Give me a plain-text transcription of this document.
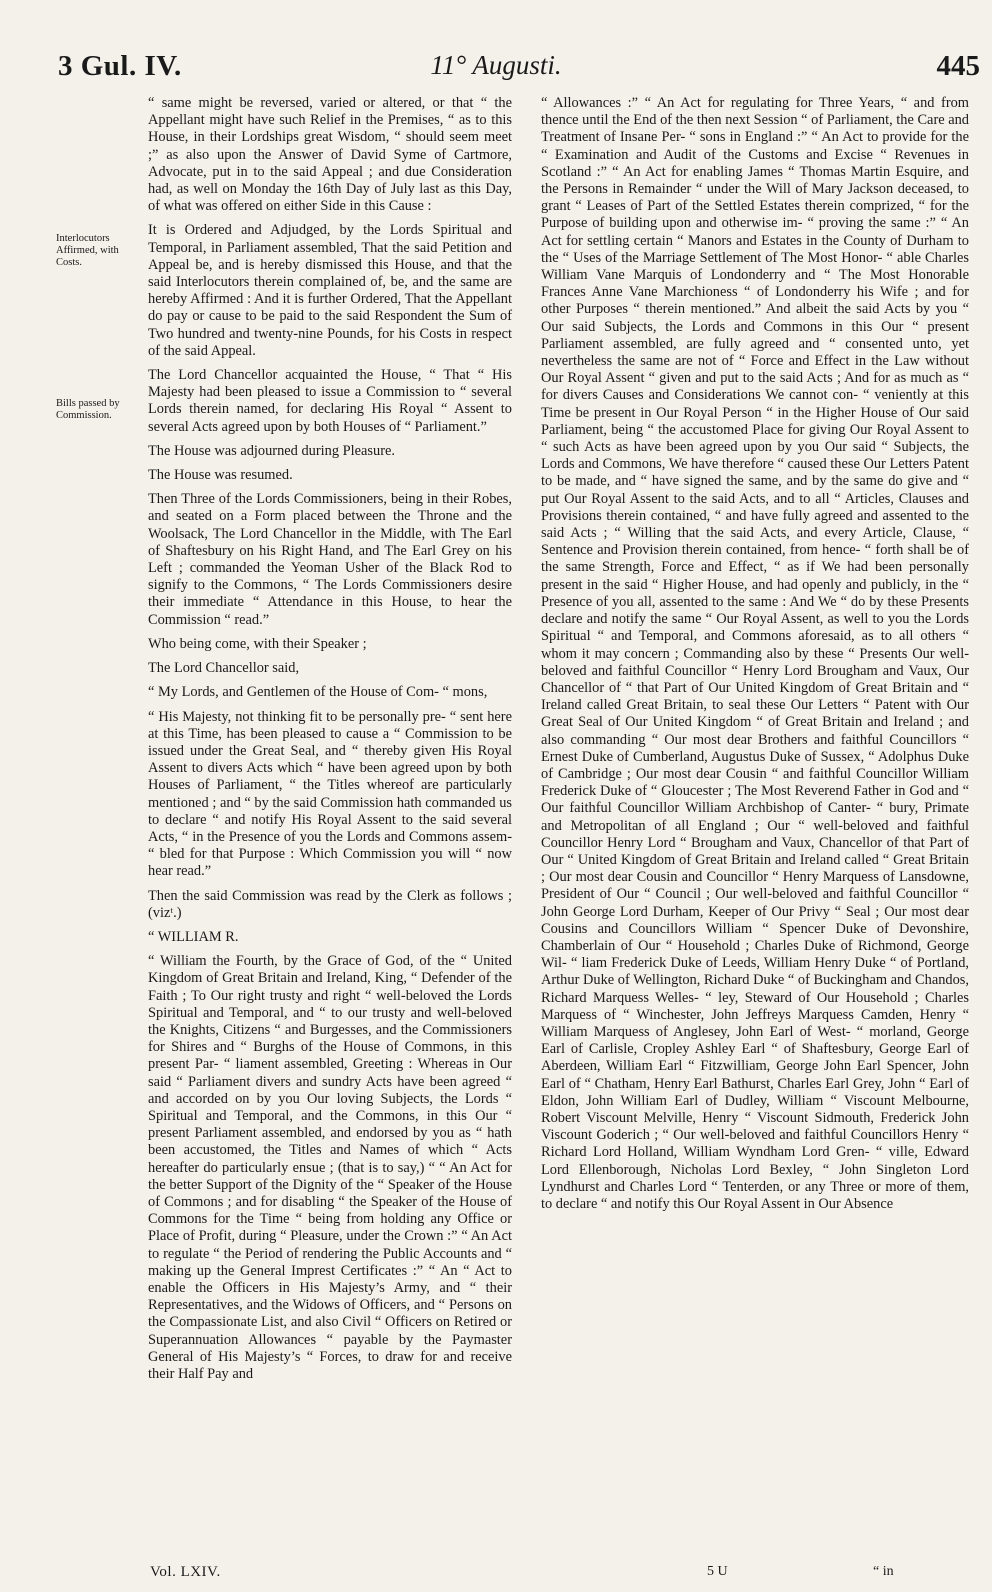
11° Augusti.
3 Gul. IV.	445
Interlocutors Affirmed, with Costs.
Bills passed by Commission.

“ same might be reversed, varied or altered, or that “ the Appellant might have such Relief in the Premises, “ as to this House, in their Lordships great Wisdom, “ should seem meet ;” as also upon the Answer of David Syme of Cartmore, Advocate, put in to the said Appeal ; and due Consideration had, as well on Monday the 16th Day of July last as this Day, of what was offered on either Side in this Cause :

It is Ordered and Adjudged, by the Lords Spiritual and Temporal, in Parliament assembled, That the said Petition and Appeal be, and is hereby dismissed this House, and that the said Interlocutors therein complained of, be, and the same are hereby Affirmed : And it is further Ordered, That the Appellant do pay or cause to be paid to the said Respondent the Sum of Two hundred and twenty-nine Pounds, for his Costs in respect of the said Appeal.

The Lord Chancellor acquainted the House, “ That “ His Majesty had been pleased to issue a Commission to “ several Lords therein named, for declaring His Royal “ Assent to several Acts agreed upon by both Houses of “ Parliament.”

The House was adjourned during Pleasure.

The House was resumed.

Then Three of the Lords Commissioners, being in their Robes, and seated on a Form placed between the Throne and the Woolsack, The Lord Chancellor in the Middle, with The Earl of Shaftesbury on his Right Hand, and The Earl Grey on his Left ; commanded the Yeoman Usher of the Black Rod to signify to the Commons, “ The Lords Commissioners desire their immediate “ Attendance in this House, to hear the Commission “ read.”

Who being come, with their Speaker ;

The Lord Chancellor said,

“ My Lords, and Gentlemen of the House of Com- “ mons,

“ His Majesty, not thinking fit to be personally pre- “ sent here at this Time, has been pleased to cause a “ Commission to be issued under the Great Seal, and “ thereby given His Royal Assent to divers Acts which “ have been agreed upon by both Houses of Parliament, “ the Titles whereof are particularly mentioned ; and “ by the said Commission hath commanded us to declare “ and notify His Royal Assent to the said several Acts, “ in the Presence of you the Lords and Commons assem- “ bled for that Purpose : Which Commission you will “ now hear read.”

Then the said Commission was read by the Clerk as follows ; (vizᵗ.)

“ WILLIAM R.

“ William the Fourth, by the Grace of God, of the “ United Kingdom of Great Britain and Ireland, King, “ Defender of the Faith ; To Our right trusty and right “ well-beloved the Lords Spiritual and Temporal, and “ to our trusty and well-beloved the Knights, Citizens “ and Burgesses, and the Commissioners for Shires and “ Burghs of the House of Commons, in this present Par- “ liament assembled, Greeting : Whereas in Our said “ Parliament divers and sundry Acts have been agreed “ and accorded on by you Our loving Subjects, the Lords “ Spiritual and Temporal, and the Commons, in this Our “ present Parliament assembled, and endorsed by you as “ hath been accustomed, the Titles and Names of which “ Acts hereafter do particularly ensue ; (that is to say,) “ “ An Act for the better Support of the Dignity of the “ Speaker of the House of Commons ; and for disabling “ the Speaker of the House of Commons for the Time “ being from holding any Office or Place of Profit, during “ Pleasure, under the Crown :” “ An Act to regulate “ the Period of rendering the Public Accounts and “ making up the General Imprest Certificates :” “ An “ Act to enable the Officers in His Majesty’s Army, and “ their Representatives, and the Widows of Officers, and “ Persons on the Compassionate List, and also Civil “ Officers on Retired or Superannuation Allowances “ payable by the Paymaster General of His Majesty’s “ Forces, to draw for and receive their Half Pay and

“ Allowances :” “ An Act for regulating for Three Years, “ and from thence until the End of the then next Session “ of Parliament, the Care and Treatment of Insane Per- “ sons in England :” “ An Act to provide for the “ Examination and Audit of the Customs and Excise “ Revenues in Scotland :” “ An Act for enabling James “ Thomas Martin Esquire, and the Persons in Remainder “ under the Will of Mary Jackson deceased, to grant “ Leases of Part of the Settled Estates therein comprized, “ for the Purpose of building upon and otherwise im- “ proving the same :” “ An Act for settling certain “ Manors and Estates in the County of Durham to the “ Uses of the Marriage Settlement of The Most Honor- “ able Charles William Vane Marquis of Londonderry and “ The Most Honorable Frances Anne Vane Marchioness “ of Londonderry his Wife ; and for other Purposes “ therein mentioned.” And albeit the said Acts by you “ Our said Subjects, the Lords and Commons in this Our “ present Parliament assembled, are fully agreed and “ consented unto, yet nevertheless the same are not of “ Force and Effect in the Law without Our Royal Assent “ given and put to the said Acts ; And for as much as “ for divers Causes and Considerations We cannot con- “ veniently at this Time be present in Our Royal Person “ in the Higher House of Our said Parliament, being “ the accustomed Place for giving Our Royal Assent to “ such Acts as have been agreed upon by you Our said “ Subjects, the Lords and Commons, We have therefore “ caused these Our Letters Patent to be made, and “ have signed the same, and by the same do give and “ put Our Royal Assent to the said Acts, and to all “ Articles, Clauses and Provisions therein contained, “ and have fully agreed and assented to the said Acts ; “ Willing that the said Acts, and every Article, Clause, “ Sentence and Provision therein contained, from hence- “ forth shall be of the same Strength, Force and Effect, “ as if We had been personally present in the said “ Higher House, and had openly and publicly, in the “ Presence of you all, assented to the same : And We “ do by these Presents declare and notify the same “ Our Royal Assent, as well to you the Lords Spiritual “ and Temporal, and Commons aforesaid, as to all others “ whom it may concern ; Commanding also by these “ Presents Our well-beloved and faithful Councillor “ Henry Lord Brougham and Vaux, Our Chancellor of “ that Part of Our United Kingdom of Great Britain and “ Ireland called Great Britain, to seal these Our Letters “ Patent with Our Great Seal of Our United Kingdom “ of Great Britain and Ireland ; and also commanding “ Our most dear Brothers and faithful Councillors “ Ernest Duke of Cumberland, Augustus Duke of Sussex, “ Adolphus Duke of Cambridge ; Our most dear Cousin “ and faithful Councillor William Frederick Duke of “ Gloucester ; The Most Reverend Father in God and “ Our faithful Councillor William Archbishop of Canter- “ bury, Primate and Metropolitan of all England ; Our “ well-beloved and faithful Councillor Henry Lord “ Brougham and Vaux, Chancellor of that Part of Our “ United Kingdom of Great Britain and Ireland called “ Great Britain ; Our most dear Cousin and Councillor “ Henry Marquess of Lansdowne, President of Our “ Council ; Our well-beloved and faithful Councillor “ John George Lord Durham, Keeper of Our Privy “ Seal ; Our most dear Cousins and Councillors William “ Spencer Duke of Devonshire, Chamberlain of Our “ Household ; Charles Duke of Richmond, George Wil- “ liam Frederick Duke of Leeds, William Henry Duke “ of Portland, Arthur Duke of Wellington, Richard Duke “ of Buckingham and Chandos, Richard Marquess Welles- “ ley, Steward of Our Household ; Charles Marquess of “ Winchester, John Jeffreys Marquess Camden, Henry “ William Marquess of Anglesey, John Earl of West- “ morland, George Earl of Carlisle, Cropley Ashley Earl “ of Shaftesbury, George Earl of Aberdeen, William Earl “ Fitzwilliam, George John Earl Spencer, John Earl of “ Chatham, Henry Earl Bathurst, Charles Earl Grey, John “ Earl of Eldon, John William Earl of Dudley, William “ Viscount Melbourne, Robert Viscount Melville, Henry “ Viscount Sidmouth, Frederick John Viscount Goderich ; “ Our well-beloved and faithful Councillors Henry “ Richard Lord Holland, William Wyndham Lord Gren- “ ville, Edward Lord Ellenborough, Nicholas Lord Bexley, “ John Singleton Lord Lyndhurst and Charles Lord “ Tenterden, or any Three or more of them, to declare “ and notify this Our Royal Assent in Our Absence

Vol. LXIV.	5 U	“ in
